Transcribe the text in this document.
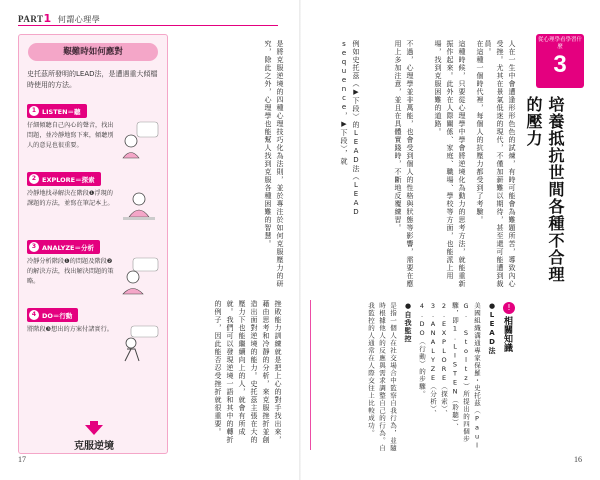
PART1 何謂心理學
艱難時如何應對
史托茲所發明的LEAD法，是遭遇重大傾檔時使用的方法。
1 LISTEN＝聽
仔細傾聽自己內心的聲音，找出問題，並冷靜地寫下來，傾聽別人的意見也很重要。
2 EXPLORE＝探索
冷靜地找尋解決在階段❶浮現的課題的方法，並寫在筆記本上。
3 ANALYZE＝分析
冷靜分析階段❶的問題及階段❷的解決方法，找出解決問題的策略。
4 DO＝行動
將階段❸想出的方案付諸實行。
克服逆境
是將克服逆境的四種心理技巧化為法則，並於專注於如何克服壓力的研究，除此之外，心理學也能幫人找到克服各種困難的智慧。
挫敗能力訓練就是把上心的對手找出來，藉由思考和冷靜的分析，來克服挫折並創造出面對逆境的能力。史托茲主張在大的壓力下也能繼續向上的人，就會有所成就。我們可以發現逆境一語和其中的轉折的例子，因此能否忍受挫折就很重要。
17
從心理學看學習什麼
3
培養抵抗世間各種不合理的壓力
人在一生中會遭逢形形色色的試煉，有時可能會為難題所苦，導致內心受挫。尤其在景氣低迷的現代，不僅加薪難以期待，甚至還可能遭到裁員。
在這種一個時代裡，每個人的抗壓力都受到了考驗。
這種時候，只要從心理學中學會將逆境化為動力的思考方法，就能重新振作起來。此外在人際關係、家庭、職場、學校等方面，也能派上用場，找到克服困難的道路。
不過，心理學並非萬能，也會受到個人的性格與狀態等影響，需要在應用上多加注意，並且在具體實踐時，不斷地反覆練習。
例如史托茲（▶下段）的LEAD法（LEAD sequence，▶下段），就
相關知識
!
●LEAD法
美國組織溝通專家保羅・史托茲（Paul G. Stoltz）所提出的四個步驟，即1.LISTEN（聆聽）、2.EXPLORE（探索）、3.ANALYZE（分析）、4.DO（行動）的步驟。
●自我監控
是指一個人在社交場合中監察自我行為，並隨時根據他人的反應與需求調整自己的行為。自我監控的人通常在人際交往上比較成功。
16
